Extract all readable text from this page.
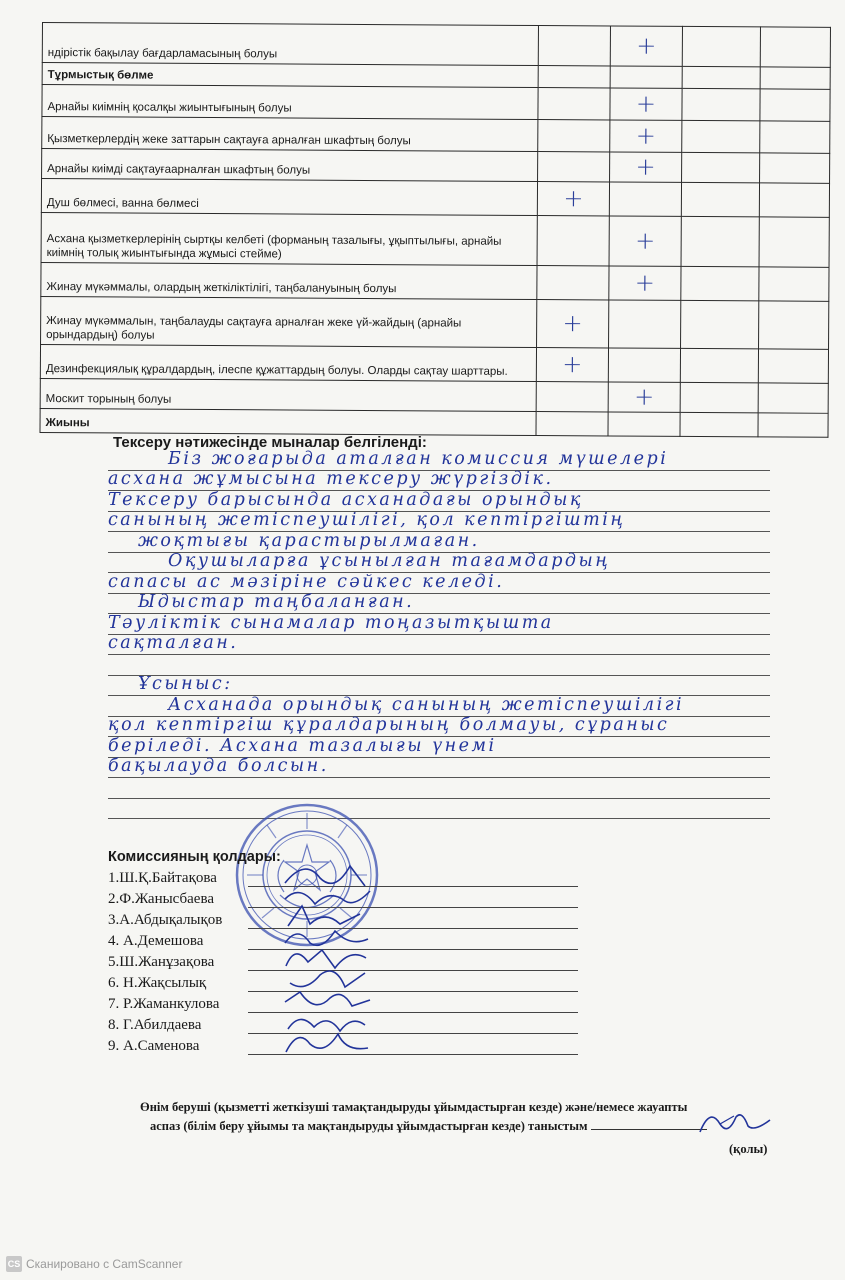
ндірістік бақылау бағдарламасының болуы		+		
Тұрмыстық бөлме				
Арнайы киімнің қосалқы жиынтығының болуы		+		
Қызметкерлердің жеке заттарын сақтауға арналған шкафтың болуы		+		
Арнайы киімді сақтауғаарналған шкафтың болуы		+		
Душ бөлмесі, ванна бөлмесі	+			
Асхана қызметкерлерінің сыртқы келбеті (форманың тазалығы, ұқыптылығы, арнайы киімнің толық жиынтығында жұмысі стейме)		+		
Жинау мүкәммалы, олардың жеткіліктілігі, таңбалануының болуы		+		
Жинау мүкәммалын, таңбалауды сақтауға арналған жеке үй-жайдың (арнайы орындардың) болуы	+			
Дезинфекциялық құралдардың, ілеспе құжаттардың болуы. Оларды сақтау шарттары.	+			
Москит торының болуы		+		
Жиыны				
Тексеру нәтижесінде мыналар белгіленді:
Біз жоғарыда аталған комиссия мүшелері
асхана жұмысына тексеру жүргіздік.
Тексеру барысында асханадағы орындық
санының жетіспеушілігі, қол кептіргіштің
жоқтығы қарастырылмаған.
Оқушыларға ұсынылған тағамдардың
сапасы ас мәзіріне сәйкес келеді.
Ыдыстар таңбаланған.
Тәуліктік сынамалар тоңазытқышта
сақталған.
Ұсыныс:
Асханада орындық санының жетіспеушілігі
қол кептіргіш құралдарының болмауы, сұраныс
беріледі. Асхана тазалығы үнемі
бақылауда болсын.
Комиссияның қолдары:
1.Ш.Қ.Байтақова
2.Ф.Жанысбаева
3.А.Абдықалықов
4. А.Демешова
5.Ш.Жанұзақова
6. Н.Жақсылық
7. Р.Жаманкулова
8. Г.Абилдаева
9. А.Саменова
Өнім беруші (қызметті жеткізуші тамақтандыруды ұйымдастырған кезде) және/немесе жауапты
аспаз (білім беру ұйымы та мақтандыруды ұйымдастырған кезде) таныстым
(қолы)
CS Сканировано с CamScanner
